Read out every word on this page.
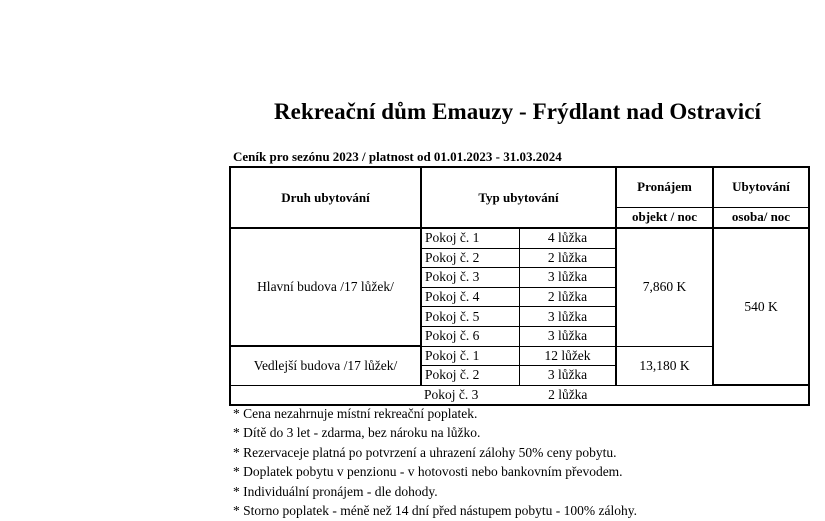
Rekreační dům Emauzy - Frýdlant nad Ostravicí
Ceník pro sezónu 2023 / platnost od 01.01.2023 - 31.03.2024
Druh ubytování	Typ ubytování		Pronájem	Ubytování
			objekt / noc	osoba/ noc
Hlavní budova /17 lůžek/	Pokoj č. 1	4 lůžka	7,860 K	540 K
	Pokoj č. 2	2 lůžka		
	Pokoj č. 3	3 lůžka		
	Pokoj č. 4	2 lůžka		
	Pokoj č. 5	3 lůžka		
	Pokoj č. 6	3 lůžka		
Vedlejší budova /17 lůžek/	Pokoj č. 1	12 lůžek	13,180 K	
	Pokoj č. 2	3 lůžka		
	Pokoj č. 3	2 lůžka		
* Cena nezahrnuje místní rekreační poplatek.
* Dítě do 3 let - zdarma, bez nároku na lůžko.
* Rezervaceje platná po potvrzení a uhrazení zálohy 50% ceny pobytu.
* Doplatek pobytu v penzionu - v hotovosti nebo bankovním převodem.
* Individuální pronájem - dle dohody.
* Storno poplatek - méně než 14 dní před nástupem pobytu - 100% zálohy.
